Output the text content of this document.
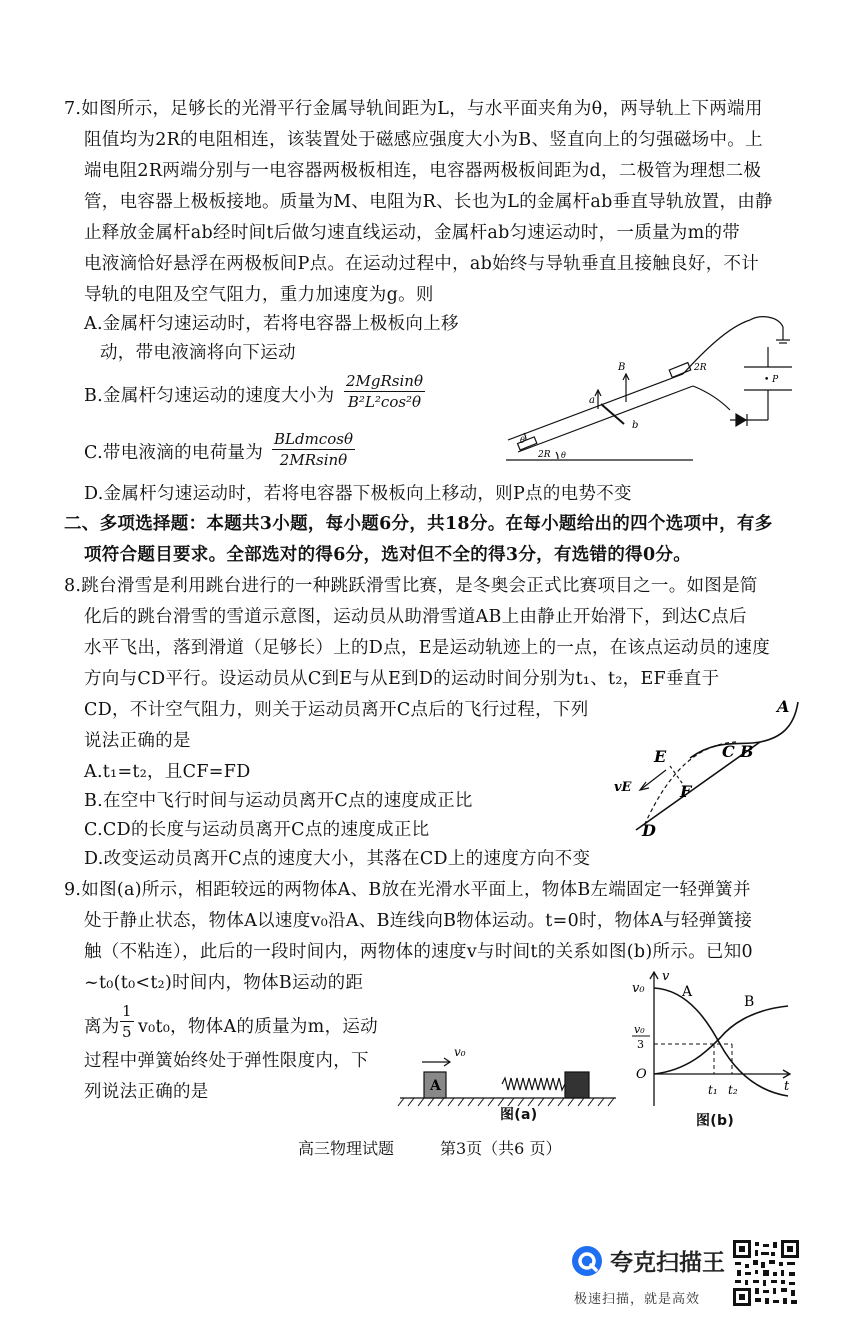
7.如图所示，足够长的光滑平行金属导轨间距为L，与水平面夹角为θ，两导轨上下两端用
阻值均为2R的电阻相连，该装置处于磁感应强度大小为B、竖直向上的匀强磁场中。上
端电阻2R两端分别与一电容器两极板相连，电容器两极板间距为d，二极管为理想二极
管，电容器上极板接地。质量为M、电阻为R、长也为L的金属杆ab垂直导轨放置，由静
止释放金属杆ab经时间t后做匀速直线运动，金属杆ab匀速运动时，一质量为m的带
电液滴恰好悬浮在两极板间P点。在运动过程中，ab始终与导轨垂直且接触良好，不计
导轨的电阻及空气阻力，重力加速度为g。则
A.金属杆匀速运动时，若将电容器上极板向上移
动，带电液滴将向下运动
B.金属杆匀速运动的速度大小为
2MgRsinθ
B²L²cos²θ
C.带电液滴的电荷量为
BLdmcosθ
2MRsinθ
D.金属杆匀速运动时，若将电容器下极板向上移动，则P点的电势不变
B
a
b
2R
2R
• P
θ
θ
二、多项选择题：本题共3小题，每小题6分，共18分。在每小题给出的四个选项中，有多
项符合题目要求。全部选对的得6分，选对但不全的得3分，有选错的得0分。
8.跳台滑雪是利用跳台进行的一种跳跃滑雪比赛，是冬奥会正式比赛项目之一。如图是简
化后的跳台滑雪的雪道示意图，运动员从助滑雪道AB上由静止开始滑下，到达C点后
水平飞出，落到滑道（足够长）上的D点，E是运动轨迹上的一点，在该点运动员的速度
方向与CD平行。设运动员从C到E与从E到D的运动时间分别为t₁、t₂，EF垂直于
CD，不计空气阻力，则关于运动员离开C点后的飞行过程，下列
说法正确的是
A.t₁=t₂，且CF=FD
B.在空中飞行时间与运动员离开C点的速度成正比
C.CD的长度与运动员离开C点的速度成正比
D.改变运动员离开C点的速度大小，其落在CD上的速度方向不变
A
C B
E
F
D
vE
9.如图(a)所示，相距较远的两物体A、B放在光滑水平面上，物体B左端固定一轻弹簧并
处于静止状态，物体A以速度v₀沿A、B连线向B物体运动。t=0时，物体A与轻弹簧接
触（不粘连），此后的一段时间内，两物体的速度v与时间t的关系如图(b)所示。已知0
~t₀(t₀<t₂)时间内，物体B运动的距
离为 $\frac{1}{5} v_0t_0$，物体A的质量为m，运动
过程中弹簧始终处于弹性限度内，下
列说法正确的是	A
v₀
图(a)
v
v₀
v₀
3
O
A
B
t₁ t₂	t
图(b)
高三物理试题	第3页（共6 页）
夸克扫描王
极速扫描，就是高效
